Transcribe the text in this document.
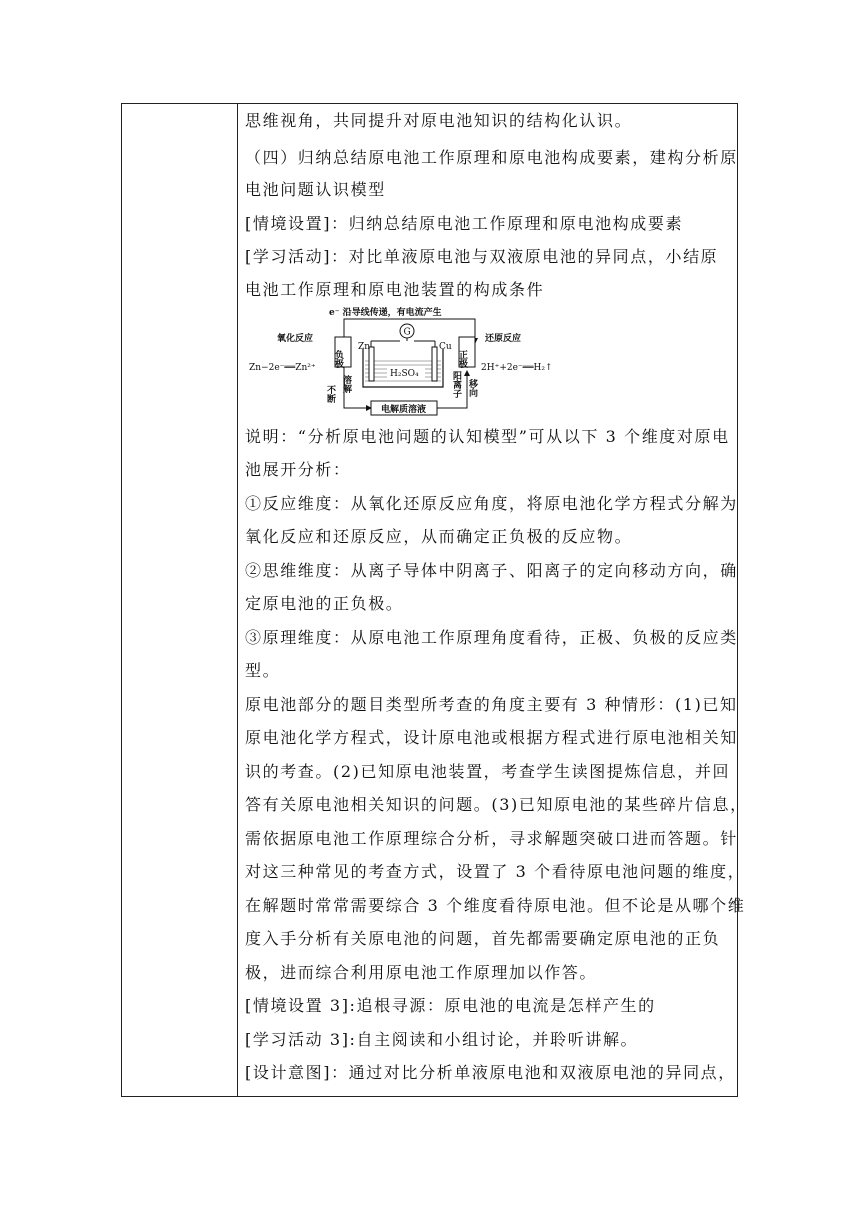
思维视角，共同提升对原电池知识的结构化认识。
（四）归纳总结原电池工作原理和原电池构成要素，建构分析原
电池问题认识模型
[情境设置]：归纳总结原电池工作原理和原电池构成要素
[学习活动]：对比单液原电池与双液原电池的异同点，小结原
电池工作原理和原电池装置的构成条件
说明：“分析原电池问题的认知模型”可从以下 3 个维度对原电
池展开分析：
①反应维度：从氧化还原反应角度，将原电池化学方程式分解为
氧化反应和还原反应，从而确定正负极的反应物。
②思维维度：从离子导体中阴离子、阳离子的定向移动方向，确
定原电池的正负极。
③原理维度：从原电池工作原理角度看待，正极、负极的反应类
型。
原电池部分的题目类型所考查的角度主要有 3 种情形：(1)已知
原电池化学方程式，设计原电池或根据方程式进行原电池相关知
识的考查。(2)已知原电池装置，考查学生读图提炼信息，并回
答有关原电池相关知识的问题。(3)已知原电池的某些碎片信息，
需依据原电池工作原理综合分析，寻求解题突破口进而答题。针
对这三种常见的考查方式，设置了 3 个看待原电池问题的维度，
在解题时常常需要综合 3 个维度看待原电池。但不论是从哪个维
度入手分析有关原电池的问题，首先都需要确定原电池的正负
极，进而综合利用原电池工作原理加以作答。
[情境设置 3]:追根寻源：原电池的电流是怎样产生的
[学习活动 3]:自主阅读和小组讨论，并聆听讲解。
[设计意图]：通过对比分析单液原电池和双液原电池的异同点，
e⁻ 沿导线传递，有电流产生
G
氧化反应
负极
Zn−2e⁻══Zn²⁺
还原反应
正极 2H⁺+2e⁻══H₂↑
Zn	Cu
H₂SO₄
不断
溶解	阳离子 移向
电解质溶液
